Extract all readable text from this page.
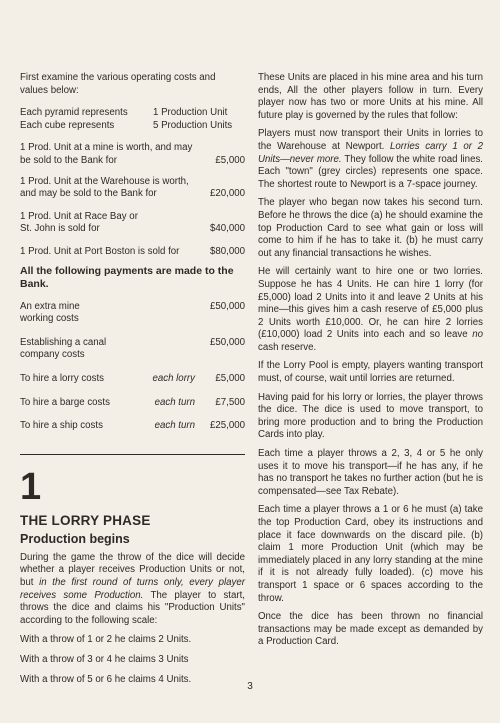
First examine the various operating costs and values below:

Each pyramid represents	1 Production Unit
Each cube represents	5 Production Units
1 Prod. Unit at a mine is worth, and may be sold to the Bank for	£5,000
1 Prod. Unit at the Warehouse is worth, and may be sold to the Bank for	£20,000
1 Prod. Unit at Race Bay or St. John is sold for	$40,000
1 Prod. Unit at Port Boston is sold for	$80,000

All the following payments are made to the Bank.

An extra mine working costs
£50,000
Establishing a canal company costs
£50,000
To hire a lorry costs	each lorry	£5,000
To hire a barge costs	each turn	£7,500
To hire a ship costs	each turn	£25,000
1
THE LORRY PHASE
Production begins

During the game the throw of the dice will decide whether a player receives Production Units or not, but in the first round of turns only, every player receives some Production. The player to start, throws the dice and claims his "Production Units" according to the following scale:

With a throw of 1 or 2 he claims 2 Units.

With a throw of 3 or 4 he claims 3 Units

With a throw of 5 or 6 he claims 4 Units.

These Units are placed in his mine area and his turn ends, All the other players follow in turn. Every player now has two or more Units at his mine. All future play is governed by the rules that follow:

Players must now transport their Units in lorries to the Warehouse at Newport. Lorries carry 1 or 2 Units—never more. They follow the white road lines. Each "town" (grey circles) represents one space. The shortest route to Newport is a 7-space journey.

The player who began now takes his second turn. Before he throws the dice (a) he should examine the top Production Card to see what gain or loss will come to him if he has to take it. (b) he must carry out any financial transactions he wishes.

He will certainly want to hire one or two lorries. Suppose he has 4 Units. He can hire 1 lorry (for £5,000) load 2 Units into it and leave 2 Units at his mine—this gives him a cash reserve of £5,000 plus 2 Units worth £10,000. Or, he can hire 2 lorries (£10,000) load 2 Units into each and so leave no cash reserve.

If the Lorry Pool is empty, players wanting transport must, of course, wait until lorries are returned.

Having paid for his lorry or lorries, the player throws the dice. The dice is used to move transport, to bring more production and to bring the Production Cards into play.

Each time a player throws a 2, 3, 4 or 5 he only uses it to move his transport—if he has any, if he has no transport he takes no further action (but he is compensated—see Tax Rebate).

Each time a player throws a 1 or 6 he must (a) take the top Production Card, obey its instructions and place it face downwards on the discard pile. (b) claim 1 more Production Unit (which may be immediately placed in any lorry standing at the mine if it is not already fully loaded). (c) move his transport 1 space or 6 spaces according to the throw.

Once the dice has been thrown no financial transactions may be made except as demanded by a Production Card.

3
